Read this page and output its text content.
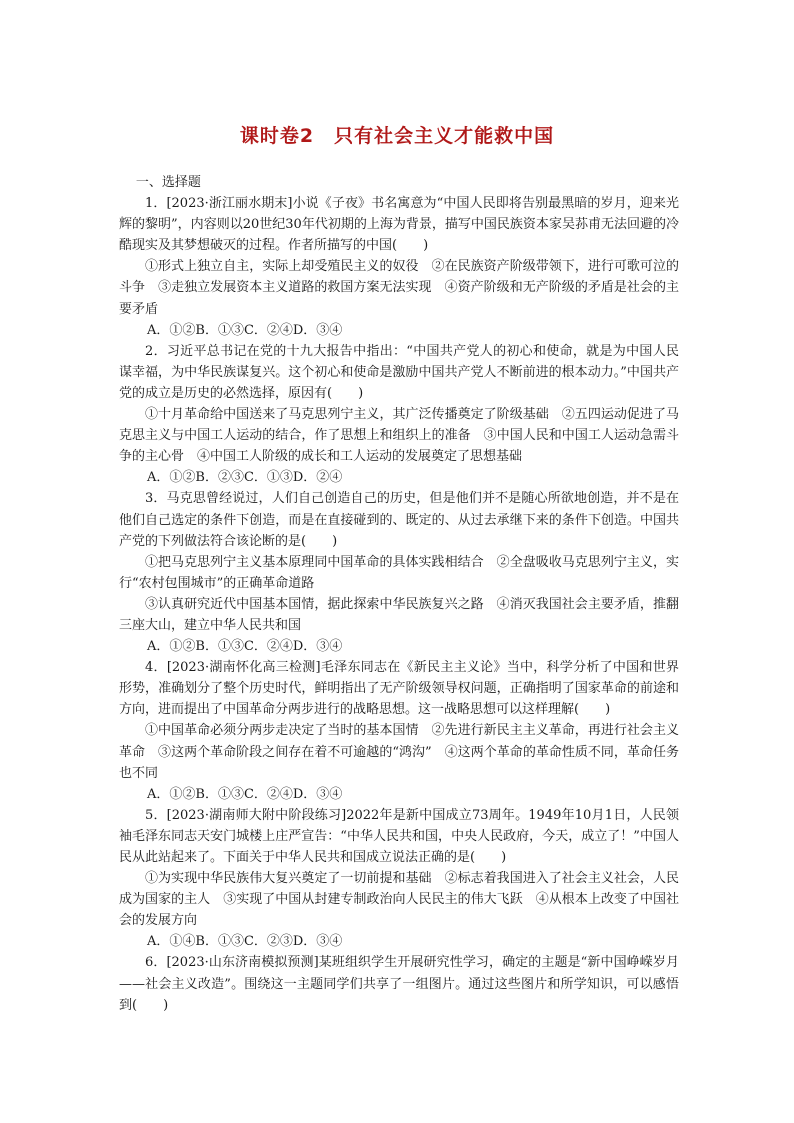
课时卷2　只有社会主义才能救中国

一、选择题

1．[2023·浙江丽水期末]小说《子夜》书名寓意为“中国人民即将告别最黑暗的岁月，迎来光辉的黎明”，内容则以20世纪30年代初期的上海为背景，描写中国民族资本家吴荪甫无法回避的冷酷现实及其梦想破灭的过程。作者所描写的中国(　　)

①形式上独立自主，实际上却受殖民主义的奴役　②在民族资产阶级带领下，进行可歌可泣的斗争　③走独立发展资本主义道路的救国方案无法实现　④资产阶级和无产阶级的矛盾是社会的主要矛盾

A．①②B．①③C．②④D．③④

2．习近平总书记在党的十九大报告中指出：“中国共产党人的初心和使命，就是为中国人民谋幸福，为中华民族谋复兴。这个初心和使命是激励中国共产党人不断前进的根本动力。”中国共产党的成立是历史的必然选择，原因有(　　)

①十月革命给中国送来了马克思列宁主义，其广泛传播奠定了阶级基础　②五四运动促进了马克思主义与中国工人运动的结合，作了思想上和组织上的准备　③中国人民和中国工人运动急需斗争的主心骨　④中国工人阶级的成长和工人运动的发展奠定了思想基础

A．①②B．②③C．①③D．②④

3．马克思曾经说过，人们自己创造自己的历史，但是他们并不是随心所欲地创造，并不是在他们自己选定的条件下创造，而是在直接碰到的、既定的、从过去承继下来的条件下创造。中国共产党的下列做法符合该论断的是(　　)

①把马克思列宁主义基本原理同中国革命的具体实践相结合　②全盘吸收马克思列宁主义，实行“农村包围城市”的正确革命道路

③认真研究近代中国基本国情，据此探索中华民族复兴之路　④消灭我国社会主要矛盾，推翻三座大山，建立中华人民共和国

A．①②B．①③C．②④D．③④

4．[2023·湖南怀化高三检测]毛泽东同志在《新民主主义论》当中，科学分析了中国和世界形势，准确划分了整个历史时代，鲜明指出了无产阶级领导权问题，正确指明了国家革命的前途和方向，进而提出了中国革命分两步进行的战略思想。这一战略思想可以这样理解(　　)

①中国革命必须分两步走决定了当时的基本国情　②先进行新民主主义革命，再进行社会主义革命　③这两个革命阶段之间存在着不可逾越的“鸿沟”　④这两个革命的革命性质不同，革命任务也不同

A．①②B．①③C．②④D．③④

5．[2023·湖南师大附中阶段练习]2022年是新中国成立73周年。1949年10月1日，人民领袖毛泽东同志天安门城楼上庄严宣告：“中华人民共和国，中央人民政府，今天，成立了！”中国人民从此站起来了。下面关于中华人民共和国成立说法正确的是(　　)

①为实现中华民族伟大复兴奠定了一切前提和基础　②标志着我国进入了社会主义社会，人民成为国家的主人　③实现了中国从封建专制政治向人民民主的伟大飞跃　④从根本上改变了中国社会的发展方向

A．①④B．①③C．②③D．③④

6．[2023·山东济南模拟预测]某班组织学生开展研究性学习，确定的主题是“新中国峥嵘岁月——社会主义改造”。围绕这一主题同学们共享了一组图片。通过这些图片和所学知识，可以感悟到(　　)
